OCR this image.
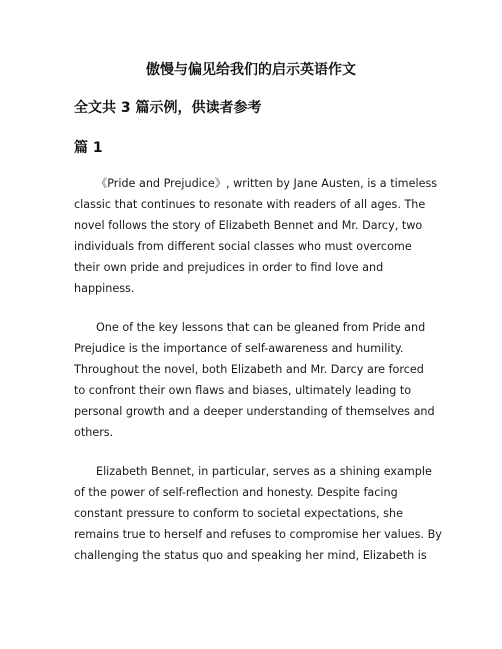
傲慢与偏见给我们的启示英语作文
全文共 3 篇示例，供读者参考
篇 1
《Pride and Prejudice》, written by Jane Austen, is a timeless
classic that continues to resonate with readers of all ages. The
novel follows the story of Elizabeth Bennet and Mr. Darcy, two
individuals from different social classes who must overcome
their own pride and prejudices in order to find love and
happiness.
One of the key lessons that can be gleaned from Pride and
Prejudice is the importance of self-awareness and humility.
Throughout the novel, both Elizabeth and Mr. Darcy are forced
to confront their own flaws and biases, ultimately leading to
personal growth and a deeper understanding of themselves and
others.
Elizabeth Bennet, in particular, serves as a shining example
of the power of self-reflection and honesty. Despite facing
constant pressure to conform to societal expectations, she
remains true to herself and refuses to compromise her values. By
challenging the status quo and speaking her mind, Elizabeth is
